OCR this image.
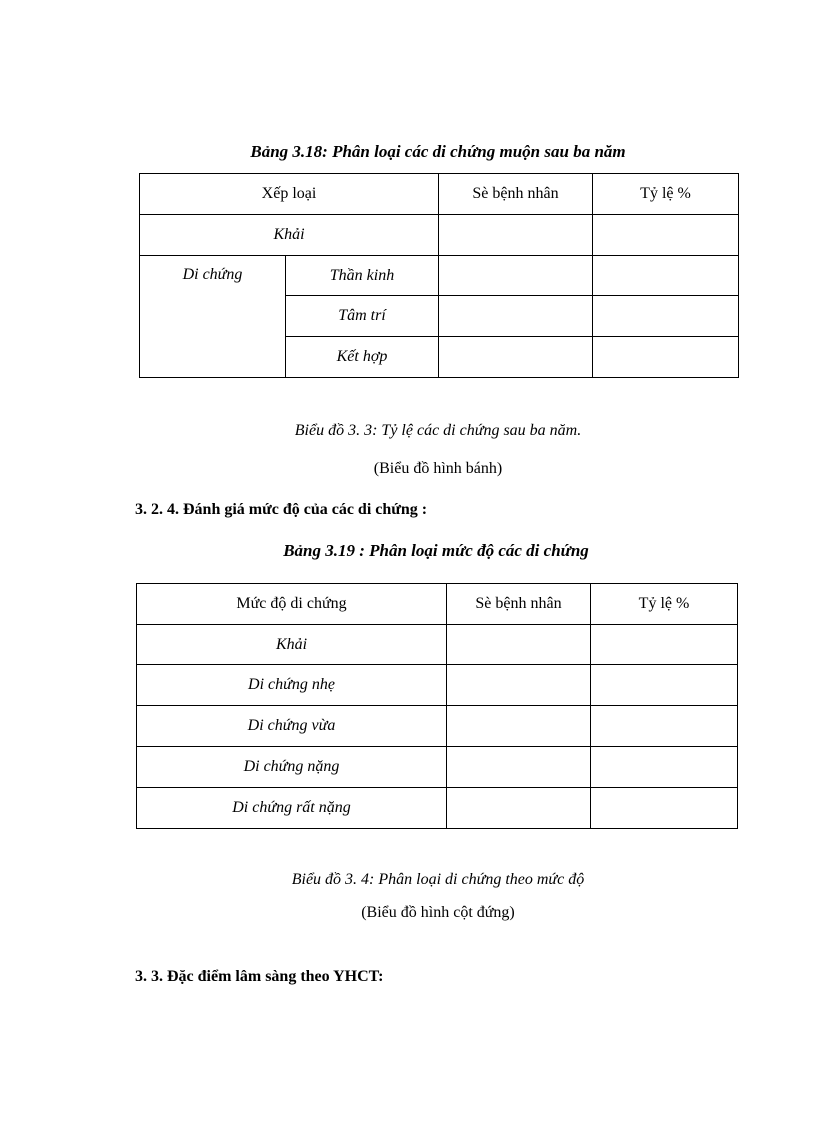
Bảng 3.18: Phân loại các di chứng muộn sau ba năm
Xếp loại		Sè bệnh nhân	Tỷ lệ %
Khải			
Di chứng	Thần kinh		
	Tâm trí		
	Kết hợp		
Biểu đồ 3. 3: Tỷ lệ các di chứng sau ba năm.
(Biểu đồ hình bánh)
3. 2. 4. Đánh giá mức độ của các di chứng :
Bảng 3.19 : Phân loại mức độ các di chứng
Mức độ di chứng	Sè bệnh nhân	Tỷ lệ %
Khải		
Di chứng nhẹ		
Di chứng vừa		
Di chứng nặng		
Di chứng rất nặng		
Biểu đồ 3. 4: Phân loại di chứng theo mức độ
(Biểu đồ hình cột đứng)
3. 3. Đặc điểm lâm sàng theo YHCT:
